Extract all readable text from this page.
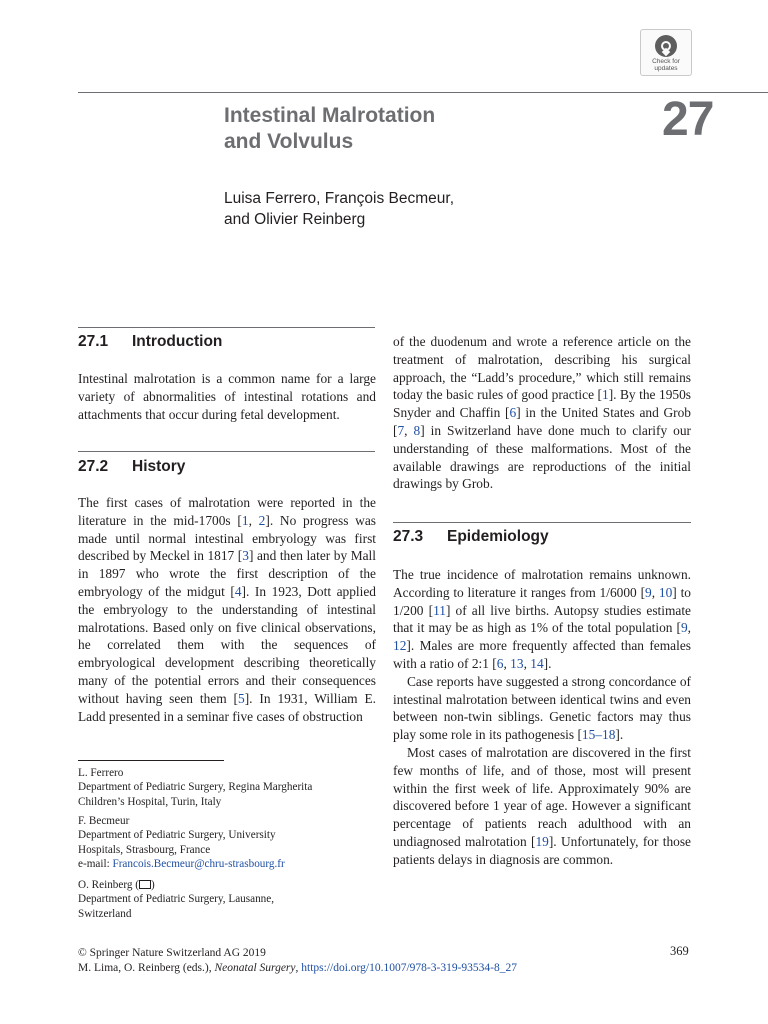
Check for updates
Intestinal Malrotation
and Volvulus	27
Luisa Ferrero, François Becmeur,
and Olivier Reinberg
27.1 Introduction

Intestinal malrotation is a common name for a large variety of abnormalities of intestinal rotations and attachments that occur during fetal development.

27.2 History

The first cases of malrotation were reported in the literature in the mid-1700s [1, 2]. No progress was made until normal intestinal embryology was first described by Meckel in 1817 [3] and then later by Mall in 1897 who wrote the first description of the embryology of the midgut [4]. In 1923, Dott applied the embryology to the understanding of intestinal malrotations. Based only on five clinical observations, he correlated them with the sequences of embryological development describing theoretically many of the potential errors and their consequences without having seen them [5]. In 1931, William E. Ladd presented in a seminar five cases of obstruction

L. Ferrero

Department of Pediatric Surgery, Regina Margherita

Children’s Hospital, Turin, Italy

F. Becmeur

Department of Pediatric Surgery, University

Hospitals, Strasbourg, France

e-mail: Francois.Becmeur@chru-strasbourg.fr

O. Reinberg ( )

Department of Pediatric Surgery, Lausanne,

Switzerland

of the duodenum and wrote a reference article on the treatment of malrotation, describing his surgical approach, the “Ladd’s procedure,” which still remains today the basic rules of good practice [1]. By the 1950s Snyder and Chaffin [6] in the United States and Grob [7, 8] in Switzerland have done much to clarify our understanding of these malformations. Most of the available drawings are reproductions of the initial drawings by Grob.

27.3 Epidemiology

The true incidence of malrotation remains unknown. According to literature it ranges from 1/6000 [9, 10] to 1/200 [11] of all live births. Autopsy studies estimate that it may be as high as 1% of the total population [9, 12]. Males are more frequently affected than females with a ratio of 2:1 [6, 13, 14].

Case reports have suggested a strong concordance of intestinal malrotation between identical twins and even between non-twin siblings. Genetic factors may thus play some role in its pathogenesis [15–18].

Most cases of malrotation are discovered in the first few months of life, and of those, most will present within the first week of life. Approximately 90% are discovered before 1 year of age. However a significant percentage of patients reach adulthood with an undiagnosed malrotation [19]. Unfortunately, for those patients delays in diagnosis are common.

© Springer Nature Switzerland AG 2019
M. Lima, O. Reinberg (eds.), Neonatal Surgery, https://doi.org/10.1007/978-3-319-93534-8_27
369
